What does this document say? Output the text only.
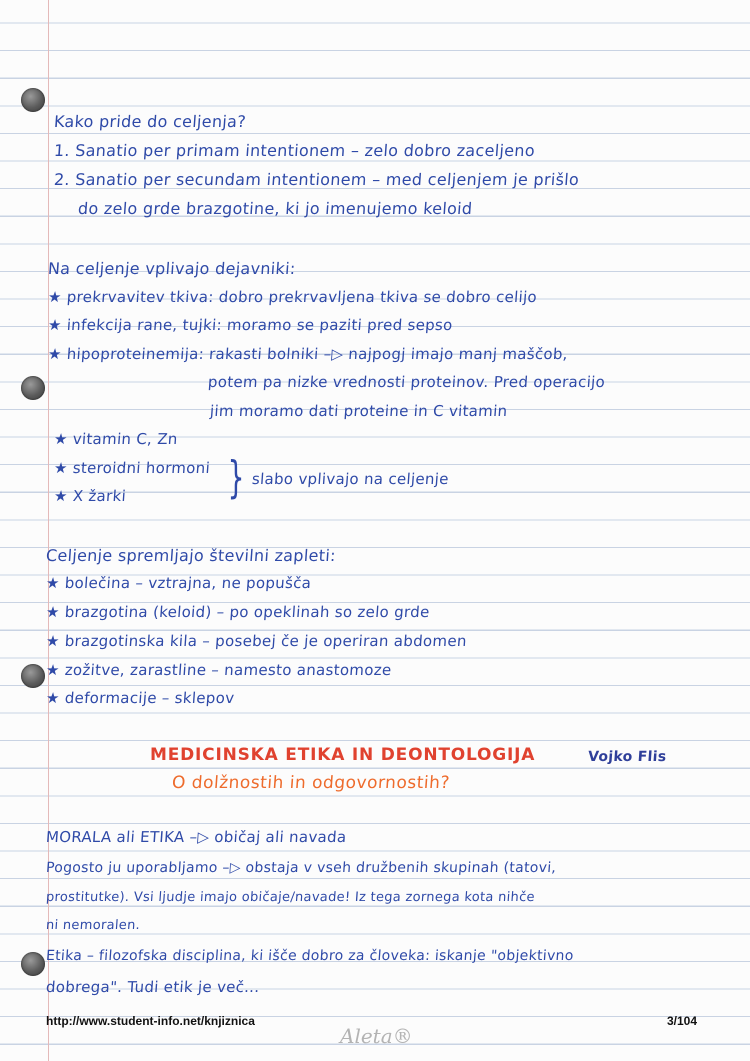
Kako pride do celjenja?
1. Sanatio per primam intentionem – zelo dobro zaceljeno
2. Sanatio per secundam intentionem – med celjenjem je prišlo
do zelo grde brazgotine, ki jo imenujemo keloid
Na celjenje vplivajo dejavniki:
★ prekrvavitev tkiva: dobro prekrvavljena tkiva se dobro celijo
★ infekcija rane, tujki: moramo se paziti pred sepso
★ hipoproteinemija: rakasti bolniki –▷ najpogj imajo manj maščob,
potem pa nizke vrednosti proteinov. Pred operacijo
jim moramo dati proteine in C vitamin
★ vitamin C, Zn
★ steroidni hormoni
★ X žarki } slabo vplivajo na celjenje
Celjenje spremljajo številni zapleti:
★ bolečina – vztrajna, ne popušča
★ brazgotina (keloid) – po opeklinah so zelo grde
★ brazgotinska kila – posebej če je operiran abdomen
★ zožitve, zarastline – namesto anastomoze
★ deformacije – sklepov
MEDICINSKA ETIKA IN DEONTOLOGIJA	Vojko Flis
O dolžnostih in odgovornostih?
MORALA ali ETIKA –▷ običaj ali navada
Pogosto ju uporabljamo –▷ obstaja v vseh družbenih skupinah (tatovi,
prostitutke). Vsi ljudje imajo običaje/navade! Iz tega zornega kota nihče
ni nemoralen.
Etika – filozofska disciplina, ki išče dobro za človeka: iskanje "objektivno
dobrega". Tudi etik je več...
http://www.student-info.net/knjiznica	3/104
Aleta®
